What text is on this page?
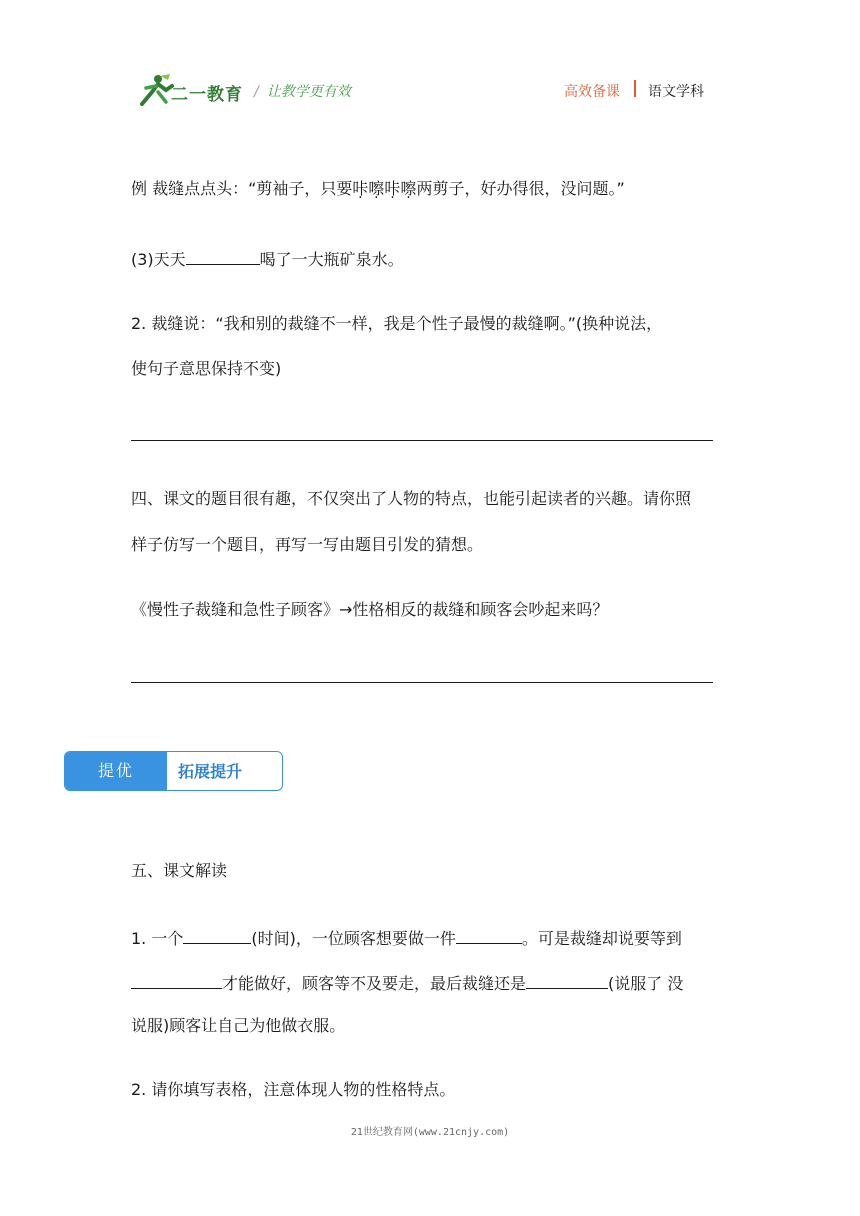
二一教育 / 让教学更有效	高效备课 语文学科
例 裁缝点点头：“剪袖子，只要咔嚓咔嚓两剪子，好办得很，没问题。”
(3)天天	喝了一大瓶矿泉水。
2. 裁缝说：“我和别的裁缝不一样，我是个性子最慢的裁缝啊。”(换种说法，
使句子意思保持不变)
四、课文的题目很有趣，不仅突出了人物的特点，也能引起读者的兴趣。请你照
样子仿写一个题目，再写一写由题目引发的猜想。
《慢性子裁缝和急性子顾客》→性格相反的裁缝和顾客会吵起来吗？
提优	拓展提升
五、课文解读
1. 一个	(时间)，一位顾客想要做一件	。可是裁缝却说要等到
才能做好，顾客等不及要走，最后裁缝还是	(说服了 没
说服)顾客让自己为他做衣服。
2. 请你填写表格，注意体现人物的性格特点。
21世纪教育网(www.21cnjy.com)
